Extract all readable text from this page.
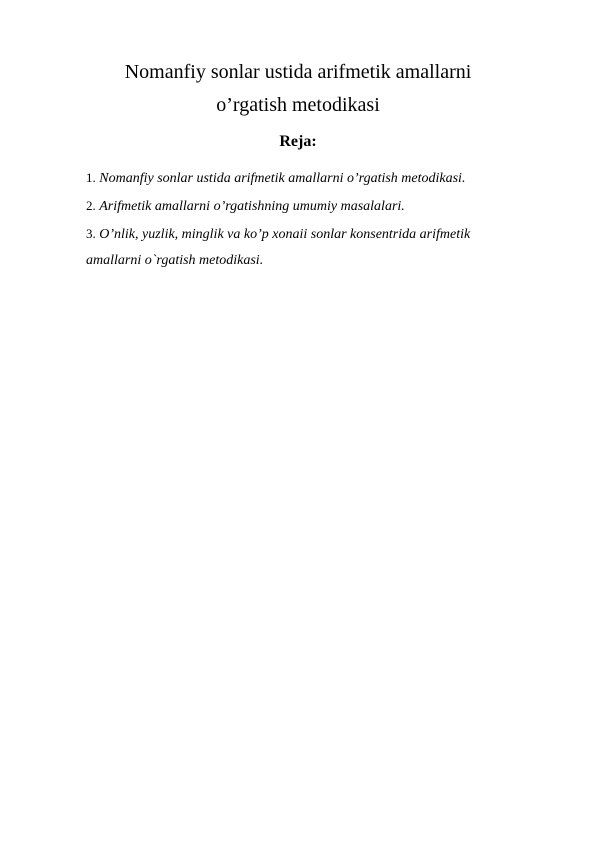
Nomanfiy sonlar ustida arifmetik amallarni
o’rgatish metodikasi
Reja:
1. Nomanfiy sonlar ustida arifmetik amallarni o’rgatish metodikasi.
2. Arifmetik amallarni o’rgatishning umumiy masalalari.
3. O’nlik, yuzlik, minglik va ko’p xonaii sonlar konsentrida arifmetik
amallarni o`rgatish metodikasi.
